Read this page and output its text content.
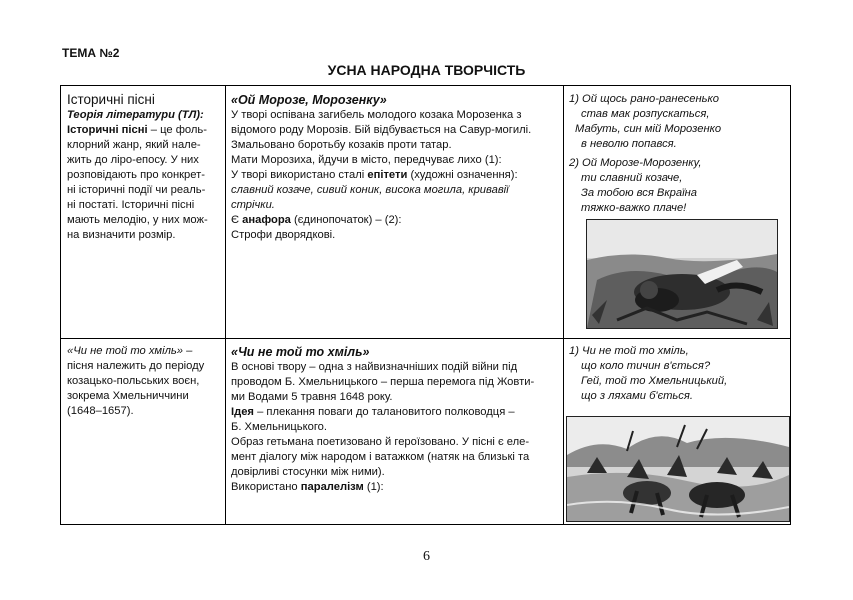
ТЕМА №2
УСНА НАРОДНА ТВОРЧІСТЬ
Історичні пісні
Теорія літератури (ТЛ):
Історичні пісні – це фоль-
клорний жанр, який нале-
жить до ліро-епосу. У них
розповідають про конкрет-
ні історичні події чи реаль-
ні постаті. Історичні пісні
мають мелодію, у них мож-
на визначити розмір.
«Ой Морозе, Морозенку»
У творі оспівана загибель молодого козака Морозенка з
відомого роду Морозів. Бій відбувається на Савур-могилі.
Змальовано боротьбу козаків проти татар.
Мати Морозиха, йдучи в місто, передчуває лихо (1):
У творі використано сталі епітети (художні означення):
славний козаче, сивий коник, висока могила, кривавії
стрічки.
Є анафора (єдинопочаток) – (2):
Строфи дворядкові.
1) Ой щось рано-ранесенько
став мак розпускаться,
Мабуть, син мій Морозенко
в неволю попався.
2) Ой Морозе-Морозенку,
ти славний козаче,
За тобою вся Вкраїна
тяжко-важко плаче!
«Чи не той то хміль» –
пісня належить до періоду
козацько-польських воєн,
зокрема Хмельниччини
(1648–1657).
«Чи не той то хміль»
В основі твору – одна з найвизначніших подій війни під
проводом Б. Хмельницького – перша перемога під Жовти-
ми Водами 5 травня 1648 року.
Ідея – плекання поваги до талановитого полководця –
Б. Хмельницького.
Образ гетьмана поетизовано й героїзовано. У пісні є еле-
мент діалогу між народом і ватажком (натяк на близькі та
довірливі стосунки між ними).
Використано паралелізм (1):
1) Чи не той то хміль,
що коло тичин в'ється?
Гей, той то Хмельницький,
що з ляхами б'ється.
6
